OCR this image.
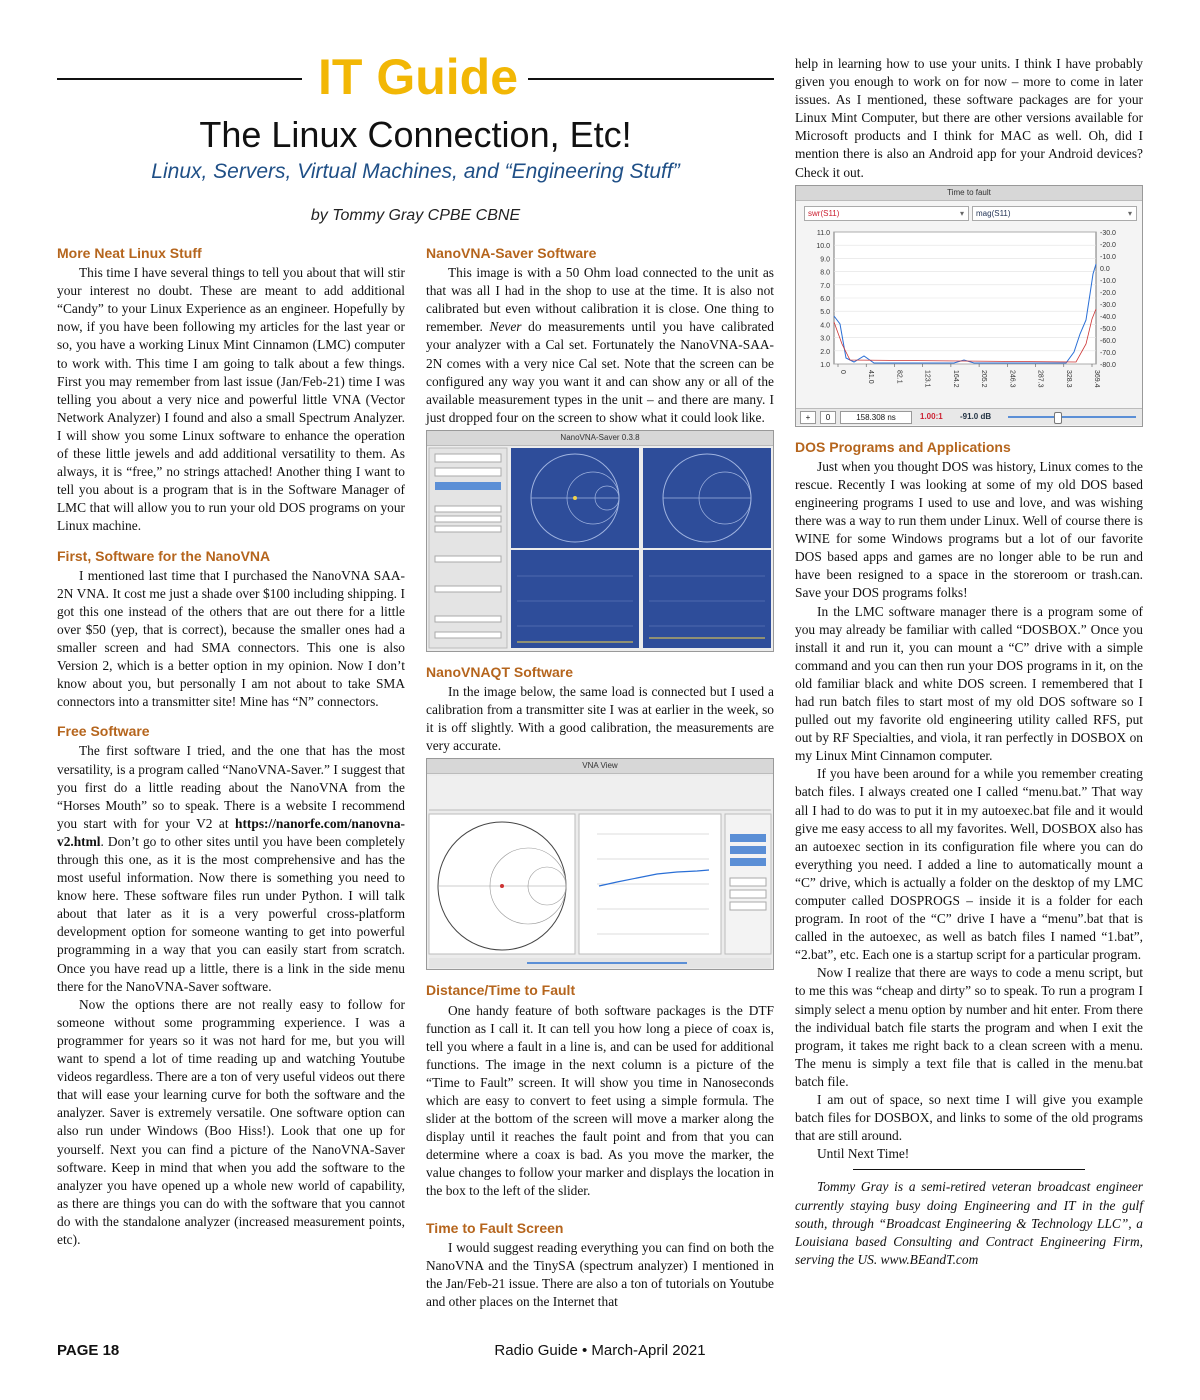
IT Guide
The Linux Connection, Etc!
Linux, Servers, Virtual Machines, and “Engineering Stuff”
by Tommy Gray CPBE CBNE
More Neat Linux Stuff

This time I have several things to tell you about that will stir your interest no doubt. These are meant to add additional “Candy” to your Linux Experience as an engineer. Hopefully by now, if you have been following my articles for the last year or so, you have a working Linux Mint Cinnamon (LMC) computer to work with. This time I am going to talk about a few things. First you may remember from last issue (Jan/Feb-21) time I was telling you about a very nice and powerful little VNA (Vector Network Analyzer) I found and also a small Spectrum Analyzer. I will show you some Linux software to enhance the operation of these little jewels and add additional versatility to them. As always, it is “free,” no strings attached! Another thing I want to tell you about is a program that is in the Software Manager of LMC that will allow you to run your old DOS programs on your Linux machine.

First, Software for the NanoVNA

I mentioned last time that I purchased the NanoVNA SAA-2N VNA. It cost me just a shade over $100 including shipping. I got this one instead of the others that are out there for a little over $50 (yep, that is correct), because the smaller ones had a smaller screen and had SMA connectors. This one is also Version 2, which is a better option in my opinion. Now I don’t know about you, but personally I am not about to take SMA connectors into a transmitter site! Mine has “N” connectors.

Free Software

The first software I tried, and the one that has the most versatility, is a program called “NanoVNA-Saver.” I suggest that you first do a little reading about the NanoVNA from the “Horses Mouth” so to speak. There is a website I recommend you start with for your V2 at https://nanorfe.com/nanovna-v2.html. Don’t go to other sites until you have been completely through this one, as it is the most comprehensive and has the most useful information. Now there is something you need to know here. These software files run under Python. I will talk about that later as it is a very powerful cross-platform development option for someone wanting to get into powerful programming in a way that you can easily start from scratch. Once you have read up a little, there is a link in the side menu there for the NanoVNA-Saver software.

Now the options there are not really easy to follow for someone without some programming experience. I was a programmer for years so it was not hard for me, but you will want to spend a lot of time reading up and watching Youtube videos regardless. There are a ton of very useful videos out there that will ease your learning curve for both the software and the analyzer. Saver is extremely versatile. One software option can also run under Windows (Boo Hiss!). Look that one up for yourself. Next you can find a picture of the NanoVNA-Saver software. Keep in mind that when you add the software to the analyzer you have opened up a whole new world of capability, as there are things you can do with the software that you cannot do with the standalone analyzer (increased measurement points, etc).

NanoVNA-Saver Software

This image is with a 50 Ohm load connected to the unit as that was all I had in the shop to use at the time. It is also not calibrated but even without calibration it is close. One thing to remember. Never do measurements until you have calibrated your analyzer with a Cal set. Fortunately the NanoVNA-SAA-2N comes with a very nice Cal set. Note that the screen can be configured any way you want it and can show any or all of the available measurement types in the unit – and there are many. I just dropped four on the screen to show what it could look like.

NanoVNA-Saver 0.3.8
NanoVNAQT Software

In the image below, the same load is connected but I used a calibration from a transmitter site I was at earlier in the week, so it is off slightly. With a good calibration, the measurements are very accurate.

VNA View
Distance/Time to Fault

One handy feature of both software packages is the DTF function as I call it. It can tell you how long a piece of coax is, tell you where a fault in a line is, and can be used for additional functions. The image in the next column is a picture of the “Time to Fault” screen. It will show you time in Nanoseconds which are easy to convert to feet using a simple formula. The slider at the bottom of the screen will move a marker along the display until it reaches the fault point and from that you can determine where a coax is bad. As you move the marker, the value changes to follow your marker and displays the location in the box to the left of the slider.

Time to Fault Screen

I would suggest reading everything you can find on both the NanoVNA and the TinySA (spectrum analyzer) I mentioned in the Jan/Feb-21 issue. There are also a ton of tutorials on Youtube and other places on the Internet that

help in learning how to use your units. I think I have probably given you enough to work on for now – more to come in later issues. As I mentioned, these software packages are for your Linux Mint Computer, but there are other versions available for Microsoft products and I think for MAC as well. Oh, did I mention there is also an Android app for your Android devices? Check it out.

Time to fault
swr(S11)	▾	mag(S11)	▾
11.0
10.0
9.0
8.0
7.0
6.0
5.0
4.0
3.0
2.0
1.0
-30.0
-20.0
-10.0
0.0
-10.0
-20.0
-30.0
-40.0
-50.0
-60.0
-70.0
-80.0
0	41.0	82.1	123.1	164.2	205.2	246.3	287.3	328.3	369.4
+	0	158.308 ns	1.00:1 -91.0 dB
DOS Programs and Applications

Just when you thought DOS was history, Linux comes to the rescue. Recently I was looking at some of my old DOS based engineering programs I used to use and love, and was wishing there was a way to run them under Linux. Well of course there is WINE for some Windows programs but a lot of our favorite DOS based apps and games are no longer able to be run and have been resigned to a space in the storeroom or trash.can. Save your DOS programs folks!

In the LMC software manager there is a program some of you may already be familiar with called “DOSBOX.” Once you install it and run it, you can mount a “C” drive with a simple command and you can then run your DOS programs in it, on the old familiar black and white DOS screen. I remembered that I had run batch files to start most of my old DOS software so I pulled out my favorite old engineering utility called RFS, put out by RF Specialties, and viola, it ran perfectly in DOSBOX on my Linux Mint Cinnamon computer.

If you have been around for a while you remember creating batch files. I always created one I called “menu.bat.” That way all I had to do was to put it in my autoexec.bat file and it would give me easy access to all my favorites. Well, DOSBOX also has an autoexec section in its configuration file where you can do everything you need. I added a line to automatically mount a “C” drive, which is actually a folder on the desktop of my LMC computer called DOSPROGS – inside it is a folder for each program. In root of the “C” drive I have a “menu”.bat that is called in the autoexec, as well as batch files I named “1.bat”, “2.bat”, etc. Each one is a startup script for a particular program.

Now I realize that there are ways to code a menu script, but to me this was “cheap and dirty” so to speak. To run a program I simply select a menu option by number and hit enter. From there the individual batch file starts the program and when I exit the program, it takes me right back to a clean screen with a menu. The menu is simply a text file that is called in the menu.bat batch file.

I am out of space, so next time I will give you example batch files for DOSBOX, and links to some of the old programs that are still around.

Until Next Time!

Tommy Gray is a semi-retired veteran broadcast engineer currently staying busy doing Engineering and IT in the gulf south, through “Broadcast Engineering & Technology LLC”, a Louisiana based Consulting and Contract Engineering Firm, serving the US. www.BEandT.com

Radio Guide • March-April 2021
PAGE 18
